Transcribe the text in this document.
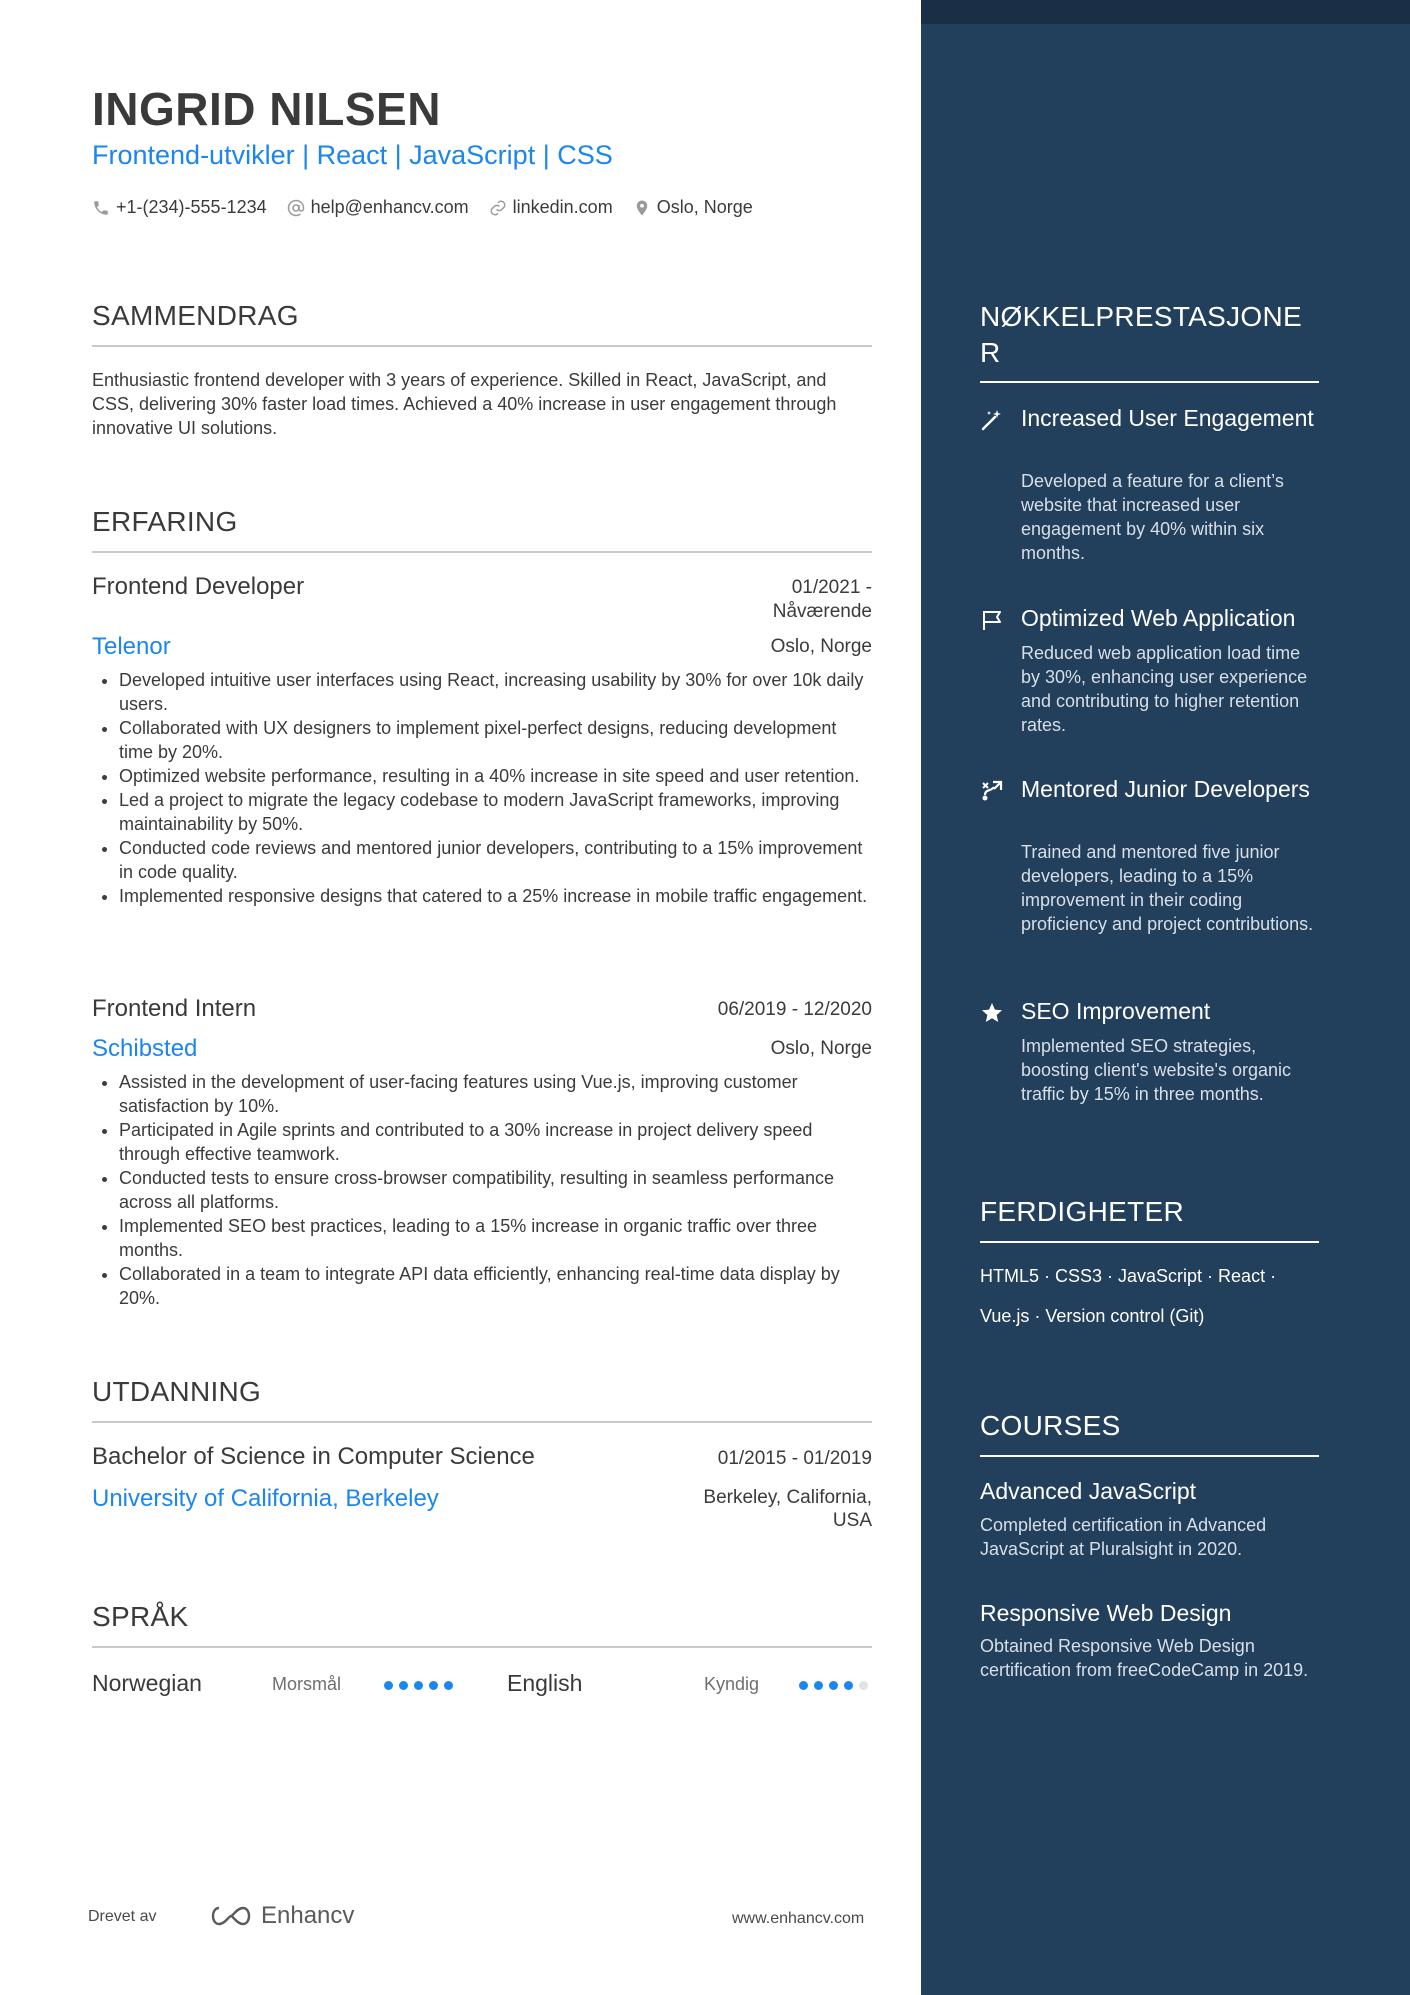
INGRID NILSEN
Frontend-utvikler | React | JavaScript | CSS
+1-(234)-555-1234 help@enhancv.com linkedin.com Oslo, Norge
SAMMENDRAG
Enthusiastic frontend developer with 3 years of experience. Skilled in React, JavaScript, and CSS, delivering 30% faster load times. Achieved a 40% increase in user engagement through innovative UI solutions.
ERFARING
Frontend Developer	01/2021 - Nåværende
Telenor	Oslo, Norge
• Developed intuitive user interfaces using React, increasing usability by 30% for over 10k daily users.
• Collaborated with UX designers to implement pixel-perfect designs, reducing development time by 20%.
• Optimized website performance, resulting in a 40% increase in site speed and user retention.
• Led a project to migrate the legacy codebase to modern JavaScript frameworks, improving maintainability by 50%.
• Conducted code reviews and mentored junior developers, contributing to a 15% improvement in code quality.
• Implemented responsive designs that catered to a 25% increase in mobile traffic engagement.
Frontend Intern	06/2019 - 12/2020
Schibsted	Oslo, Norge
• Assisted in the development of user-facing features using Vue.js, improving customer satisfaction by 10%.
• Participated in Agile sprints and contributed to a 30% increase in project delivery speed through effective teamwork.
• Conducted tests to ensure cross-browser compatibility, resulting in seamless performance across all platforms.
• Implemented SEO best practices, leading to a 15% increase in organic traffic over three months.
• Collaborated in a team to integrate API data efficiently, enhancing real-time data display by 20%.
UTDANNING
Bachelor of Science in Computer Science	01/2015 - 01/2019
University of California, Berkeley	Berkeley, California, USA
SPRÅK
Norwegian	Morsmål	English	Kyndig
Drevet av	Enhancv	www.enhancv.com
NØKKELPRESTASJONER
Increased User Engagement
Developed a feature for a client’s website that increased user engagement by 40% within six months.
Optimized Web Application
Reduced web application load time by 30%, enhancing user experience and contributing to higher retention rates.
Mentored Junior Developers
Trained and mentored five junior developers, leading to a 15% improvement in their coding proficiency and project contributions.
SEO Improvement
Implemented SEO strategies, boosting client's website's organic traffic by 15% in three months.
FERDIGHETER
HTML5 · CSS3 · JavaScript · React · Vue.js · Version control (Git)
COURSES
Advanced JavaScript
Completed certification in Advanced JavaScript at Pluralsight in 2020.
Responsive Web Design
Obtained Responsive Web Design certification from freeCodeCamp in 2019.
